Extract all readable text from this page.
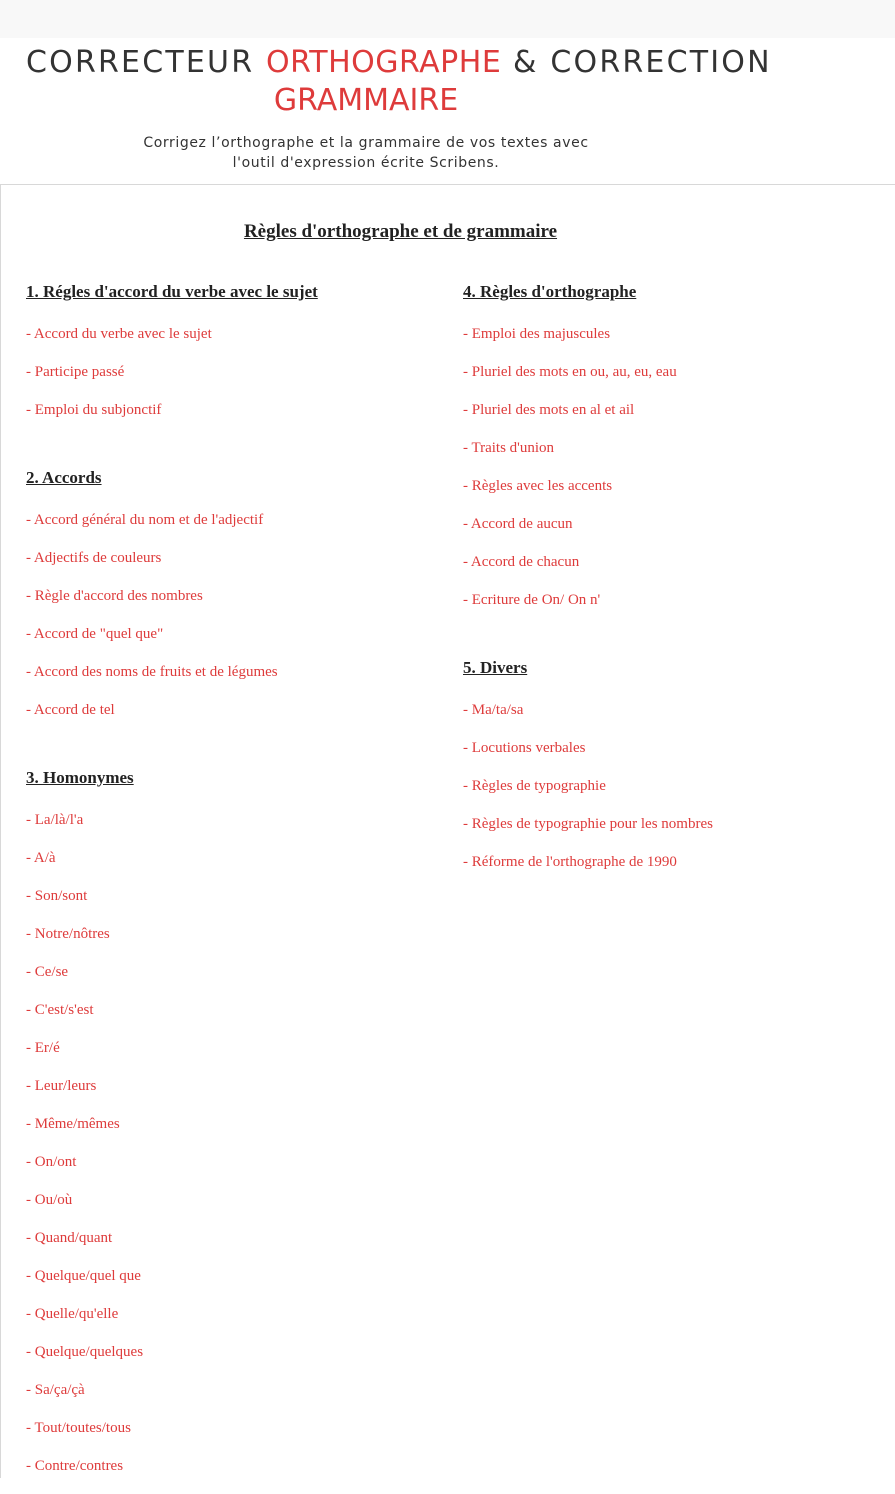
CORRECTEUR ORTHOGRAPHE & CORRECTION
GRAMMAIRE
Corrigez l’orthographe et la grammaire de vos textes avec
l'outil d'expression écrite Scribens.
Règles d'orthographe et de grammaire
1. Régles d'accord du verbe avec le sujet
- Accord du verbe avec le sujet
- Participe passé
- Emploi du subjonctif
2. Accords
- Accord général du nom et de l'adjectif
- Adjectifs de couleurs
- Règle d'accord des nombres
- Accord de "quel que"
- Accord des noms de fruits et de légumes
- Accord de tel
3. Homonymes
- La/là/l'a
- A/à
- Son/sont
- Notre/nôtres
- Ce/se
- C'est/s'est
- Er/é
- Leur/leurs
- Même/mêmes
- On/ont
- Ou/où
- Quand/quant
- Quelque/quel que
- Quelle/qu'elle
- Quelque/quelques
- Sa/ça/çà
- Tout/toutes/tous
- Contre/contres
4. Règles d'orthographe
- Emploi des majuscules
- Pluriel des mots en ou, au, eu, eau
- Pluriel des mots en al et ail
- Traits d'union
- Règles avec les accents
- Accord de aucun
- Accord de chacun
- Ecriture de On/ On n'
5. Divers
- Ma/ta/sa
- Locutions verbales
- Règles de typographie
- Règles de typographie pour les nombres
- Réforme de l'orthographe de 1990
